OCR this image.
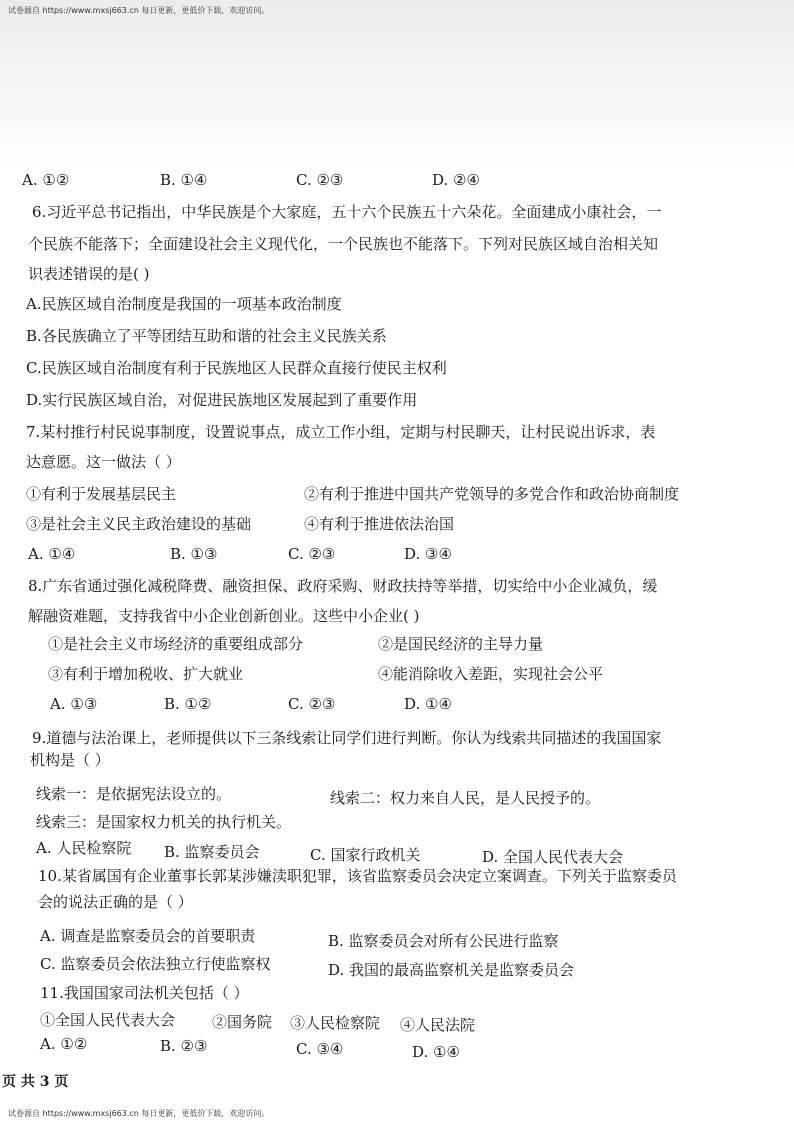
试卷源自 https://www.mxsj663.cn 每日更新，更低价下载，欢迎访问。
A. ①②	B. ①④	C. ②③	D. ②④
6.习近平总书记指出，中华民族是个大家庭，五十六个民族五十六朵花。全面建成小康社会，一
个民族不能落下；全面建设社会主义现代化，一个民族也不能落下。下列对民族区域自治相关知
识表述错误的是( )
A.民族区域自治制度是我国的一项基本政治制度
B.各民族确立了平等团结互助和谐的社会主义民族关系
C.民族区域自治制度有利于民族地区人民群众直接行使民主权利
D.实行民族区域自治，对促进民族地区发展起到了重要作用
7.某村推行村民说事制度，设置说事点，成立工作小组，定期与村民聊天，让村民说出诉求，表
达意愿。这一做法（ ）
①有利于发展基层民主	②有利于推进中国共产党领导的多党合作和政治协商制度
③是社会主义民主政治建设的基础	④有利于推进依法治国
A. ①④	B. ①③	C. ②③	D. ③④
8.广东省通过强化减税降费、融资担保、政府采购、财政扶持等举措，切实给中小企业减负，缓
解融资难题，支持我省中小企业创新创业。这些中小企业( )
①是社会主义市场经济的重要组成部分	②是国民经济的主导力量
③有利于增加税收、扩大就业	④能消除收入差距，实现社会公平
A. ①③	B. ①②	C. ②③	D. ①④
9.道德与法治课上，老师提供以下三条线索让同学们进行判断。你认为线索共同描述的我国国家
机构是（ ）
线索一：是依据宪法设立的。	线索二：权力来自人民，是人民授予的。
线索三：是国家权力机关的执行机关。
A. 人民检察院 B. 监察委员会	C. 国家行政机关	D. 全国人民代表大会
10.某省属国有企业董事长郭某涉嫌渎职犯罪，该省监察委员会决定立案调查。下列关于监察委员
会的说法正确的是（ ）
A. 调查是监察委员会的首要职责	B. 监察委员会对所有公民进行监察
C. 监察委员会依法独立行使监察权	D. 我国的最高监察机关是监察委员会
11.我国国家司法机关包括（ ）
①全国人民代表大会 ②国务院 ③人民检察院 ④人民法院
A. ①②	B. ②③	C. ③④	D. ①④
页 共 3 页
试卷源自 https://www.mxsj663.cn 每日更新，更低价下载，欢迎访问。
